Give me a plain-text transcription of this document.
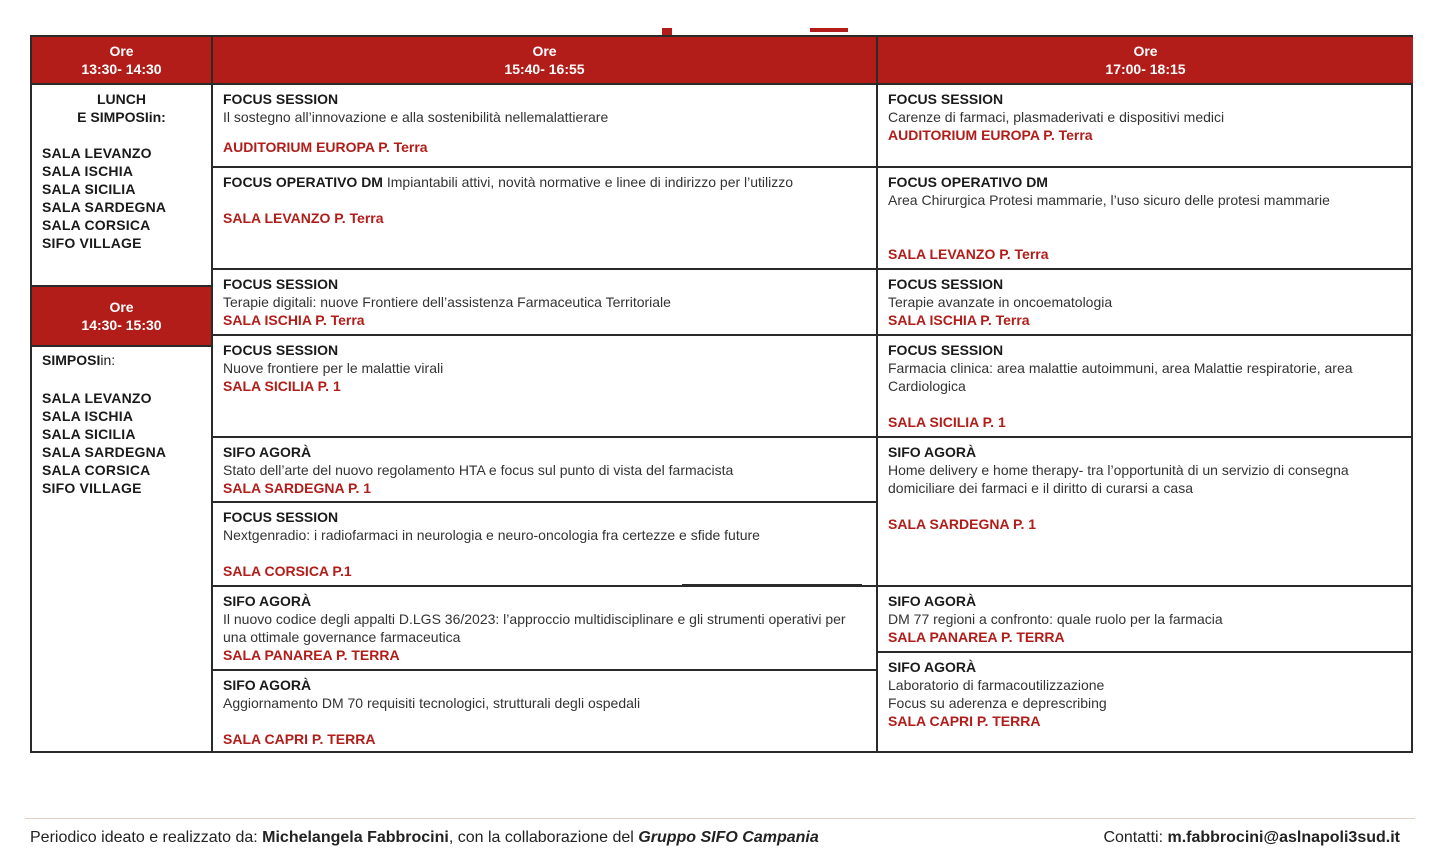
Ore
13:30- 14:30
Ore
15:40- 16:55
Ore
17:00- 18:15
LUNCH
E SIMPOSIin:
SALA LEVANZO
SALA ISCHIA
SALA SICILIA
SALA SARDEGNA
SALA CORSICA
SIFO VILLAGE
Ore
14:30- 15:30
SIMPOSIin:
SALA LEVANZO
SALA ISCHIA
SALA SICILIA
SALA SARDEGNA
SALA CORSICA
SIFO VILLAGE
FOCUS SESSION
Il sostegno all’innovazione e alla sostenibilità nellemalattierare
AUDITORIUM EUROPA P. Terra
FOCUS OPERATIVO DM Impiantabili attivi, novità normative e linee di indirizzo per l’utilizzo
SALA LEVANZO P. Terra
FOCUS SESSION
Terapie digitali: nuove Frontiere dell’assistenza Farmaceutica Territoriale
SALA ISCHIA P. Terra
FOCUS SESSION
Nuove frontiere per le malattie virali
SALA SICILIA P. 1
SIFO AGORÀ
Stato dell’arte del nuovo regolamento HTA e focus sul punto di vista del farmacista
SALA SARDEGNA P. 1
FOCUS SESSION
Nextgenradio: i radiofarmaci in neurologia e neuro-oncologia fra certezze e sfide future
SALA CORSICA P.1
SIFO AGORÀ
Il nuovo codice degli appalti D.LGS 36/2023: l’approccio multidisciplinare e gli strumenti operativi per una ottimale governance farmaceutica
SALA PANAREA P. TERRA
SIFO AGORÀ
Aggiornamento DM 70 requisiti tecnologici, strutturali degli ospedali
SALA CAPRI P. TERRA
FOCUS SESSION
Carenze di farmaci, plasmaderivati e dispositivi medici
AUDITORIUM EUROPA P. Terra
FOCUS OPERATIVO DM
Area Chirurgica Protesi mammarie, l’uso sicuro delle protesi mammarie
SALA LEVANZO P. Terra
FOCUS SESSION
Terapie avanzate in oncoematologia
SALA ISCHIA P. Terra
FOCUS SESSION
Farmacia clinica: area malattie autoimmuni, area Malattie respiratorie, area Cardiologica
SALA SICILIA P. 1
SIFO AGORÀ
Home delivery e home therapy- tra l’opportunità di un servizio di consegna domiciliare dei farmaci e il diritto di curarsi a casa
SALA SARDEGNA P. 1
SIFO AGORÀ
DM 77 regioni a confronto: quale ruolo per la farmacia
SALA PANAREA P. TERRA
SIFO AGORÀ
Laboratorio di farmacoutilizzazione
Focus su aderenza e deprescribing
SALA CAPRI P. TERRA
Periodico ideato e realizzato da: Michelangela Fabbrocini, con la collaborazione del Gruppo SIFO Campania	Contatti: m.fabbrocini@aslnapoli3sud.it
